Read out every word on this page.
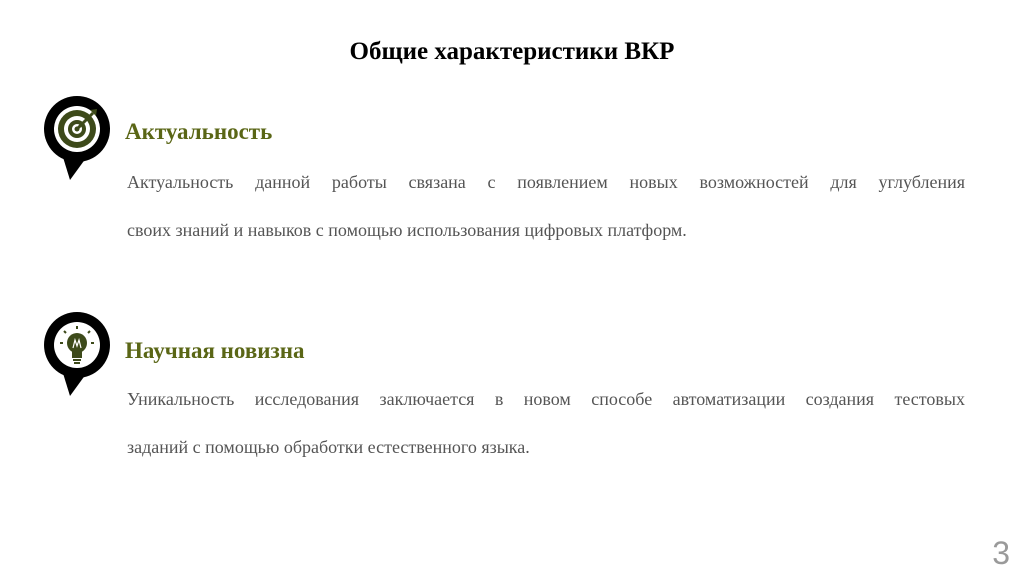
Общие характеристики ВКР
Актуальность
Актуальность данной работы связана с появлением новых возможностей для углубления
своих знаний и навыков с помощью использования цифровых платформ.
Научная новизна
Уникальность исследования заключается в новом способе автоматизации создания тестовых
заданий с помощью обработки естественного языка.
3
